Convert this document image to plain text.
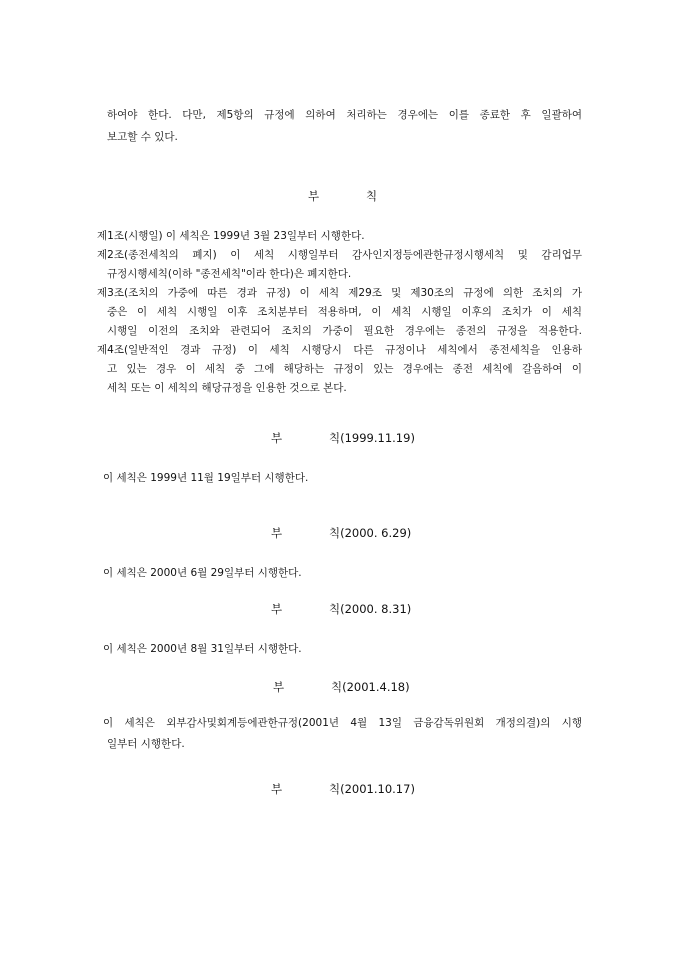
하여야 한다. 다만, 제5항의 규정에 의하여 처리하는 경우에는 이를 종료한 후 일괄하여
보고할 수 있다.
부	칙
제1조(시행일) 이 세칙은 1999년 3월 23일부터 시행한다.
제2조(종전세칙의 폐지) 이 세칙 시행일부터 감사인지정등에관한규정시행세칙 및 감리업무
규정시행세칙(이하 "종전세칙"이라 한다)은 폐지한다.
제3조(조치의 가중에 따른 경과 규정) 이 세칙 제29조 및 제30조의 규정에 의한 조치의 가
중은 이 세칙 시행일 이후 조치분부터 적용하며, 이 세칙 시행일 이후의 조치가 이 세칙
시행일 이전의 조치와 관련되어 조치의 가중이 필요한 경우에는 종전의 규정을 적용한다.
제4조(일반적인 경과 규정) 이 세칙 시행당시 다른 규정이나 세칙에서 종전세칙을 인용하
고 있는 경우 이 세칙 중 그에 해당하는 규정이 있는 경우에는 종전 세칙에 갈음하여 이
세칙 또는 이 세칙의 해당규정을 인용한 것으로 본다.
부	칙(1999.11.19)
이 세칙은 1999년 11월 19일부터 시행한다.
부	칙(2000. 6.29)
이 세칙은 2000년 6월 29일부터 시행한다.
부	칙(2000. 8.31)
이 세칙은 2000년 8월 31일부터 시행한다.
부	칙(2001.4.18)
이 세칙은 외부감사및회계등에관한규정(2001년 4월 13일 금융감독위원회 개정의결)의 시행
일부터 시행한다.
부	칙(2001.10.17)
